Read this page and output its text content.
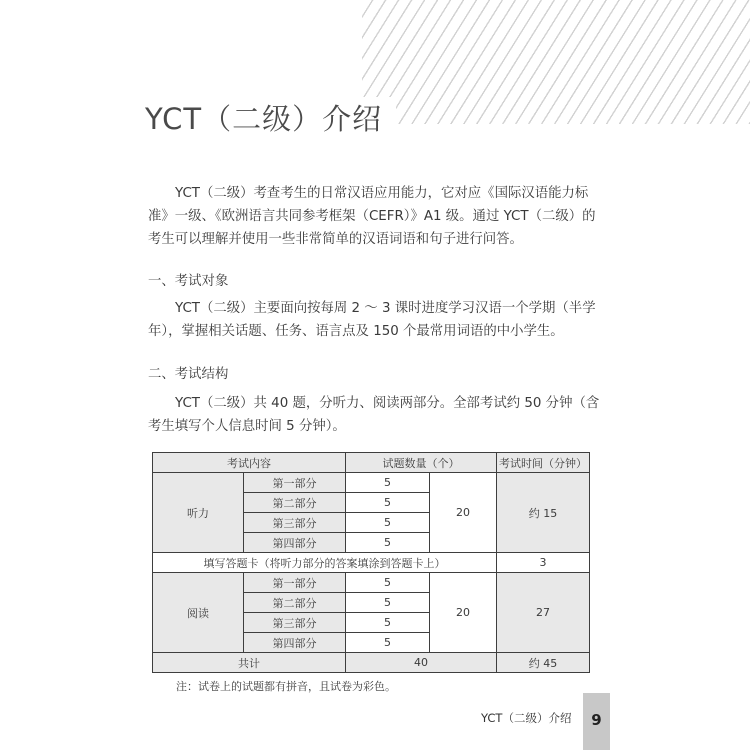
YCT（二级）介绍

YCT（二级）考查考生的日常汉语应用能力，它对应《国际汉语能力标准》一级、《欧洲语言共同参考框架（CEFR）》A1 级。通过 YCT（二级）的考生可以理解并使用一些非常简单的汉语词语和句子进行问答。

一、考试对象

YCT（二级）主要面向按每周 2 ～ 3 课时进度学习汉语一个学期（半学年），掌握相关话题、任务、语言点及 150 个最常用词语的中小学生。

二、考试结构

YCT（二级）共 40 题，分听力、阅读两部分。全部考试约 50 分钟（含考生填写个人信息时间 5 分钟）。

考试内容		试题数量（个）		考试时间（分钟）
听力	第一部分	5	20	约 15
	第二部分	5		
	第三部分	5		
	第四部分	5		
填写答题卡（将听力部分的答案填涂到答题卡上）				3
阅读	第一部分	5	20	27
	第二部分	5		
	第三部分	5		
	第四部分	5		
共计		40		约 45

注：试卷上的试题都有拼音，且试卷为彩色。

YCT（二级）介绍	9
